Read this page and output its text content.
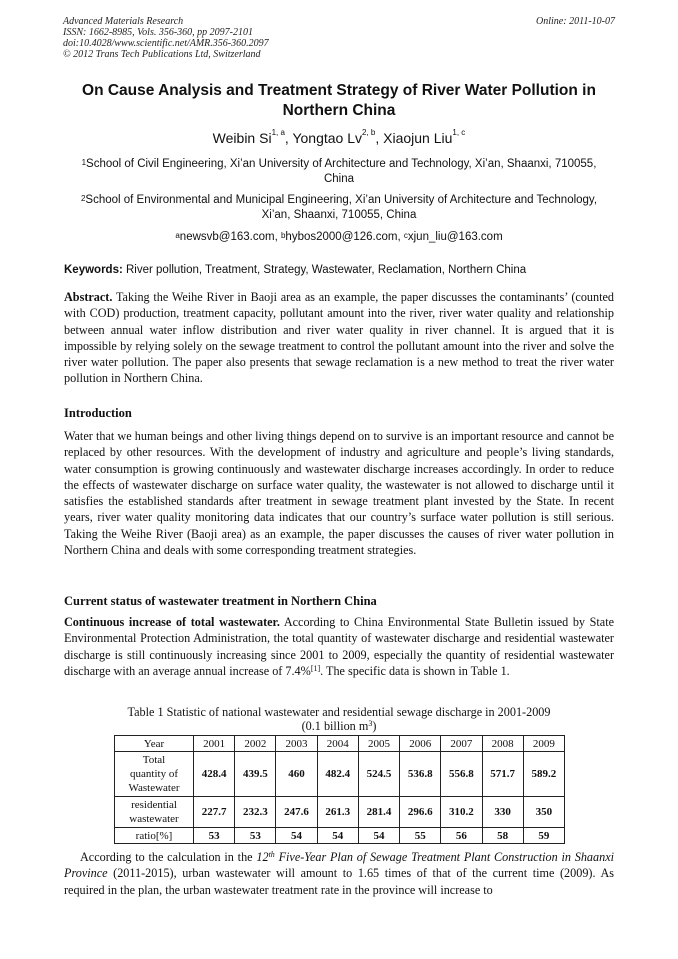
Advanced Materials Research
ISSN: 1662-8985, Vols. 356-360, pp 2097-2101
doi:10.4028/www.scientific.net/AMR.356-360.2097
© 2012 Trans Tech Publications Ltd, Switzerland
Online: 2011-10-07
On Cause Analysis and Treatment Strategy of River Water Pollution in Northern China
Weibin Si$^{1, a}$, Yongtao Lv$^{2, b}$, Xiaojun Liu$^{1, c}$
$^1$School of Civil Engineering, Xi’an University of Architecture and Technology, Xi’an, Shaanxi, 710055, China
$^2$School of Environmental and Municipal Engineering, Xi’an University of Architecture and Technology, Xi’an, Shaanxi, 710055, China
$^a$newsvb@163.com, $^b$hybos2000@126.com, $^c$xjun_liu@163.com
Keywords: River pollution, Treatment, Strategy, Wastewater, Reclamation, Northern China
Abstract. Taking the Weihe River in Baoji area as an example, the paper discusses the contaminants’ (counted with COD) production, treatment capacity, pollutant amount into the river, river water quality and relationship between annual water inflow distribution and river water quality in river channel. It is argued that it is impossible by relying solely on the sewage treatment to control the pollutant amount into the river and solve the river water pollution. The paper also presents that sewage reclamation is a new method to treat the river water pollution in Northern China.
Introduction
Water that we human beings and other living things depend on to survive is an important resource and cannot be replaced by other resources. With the development of industry and agriculture and people’s living standards, water consumption is growing continuously and wastewater discharge increases accordingly. In order to reduce the effects of wastewater discharge on surface water quality, the wastewater is not allowed to discharge until it satisfies the established standards after treatment in sewage treatment plant invested by the State. In recent years, river water quality monitoring data indicates that our country’s surface water pollution is still serious. Taking the Weihe River (Baoji area) as an example, the paper discusses the causes of river water pollution in Northern China and deals with some corresponding treatment strategies.
Current status of wastewater treatment in Northern China
Continuous increase of total wastewater. According to China Environmental State Bulletin issued by State Environmental Protection Administration, the total quantity of wastewater discharge and residential wastewater discharge is still continuously increasing since 2001 to 2009, especially the quantity of residential wastewater discharge with an average annual increase of 7.4%[1]. The specific data is shown in Table 1.
Table 1 Statistic of national wastewater and residential sewage discharge in 2001-2009
(0.1 billion $m^3$)
Year	2001	2002	2003	2004	2005	2006	2007	2008	2009

Total
quantity of
Wastewater	428.4	439.5	460	482.4	524.5	536.8	556.8	571.7	589.2

residential
wastewater	227.7	232.3	247.6	261.3	281.4	296.6	310.2	330	350

ratio[%]	53	53	54	54	54	55	56	58	59
According to the calculation in the 12th Five-Year Plan of Sewage Treatment Plant Construction in Shaanxi Province (2011-2015), urban wastewater will amount to 1.65 times of that of the current time (2009). As required in the plan, the urban wastewater treatment rate in the province will increase to
